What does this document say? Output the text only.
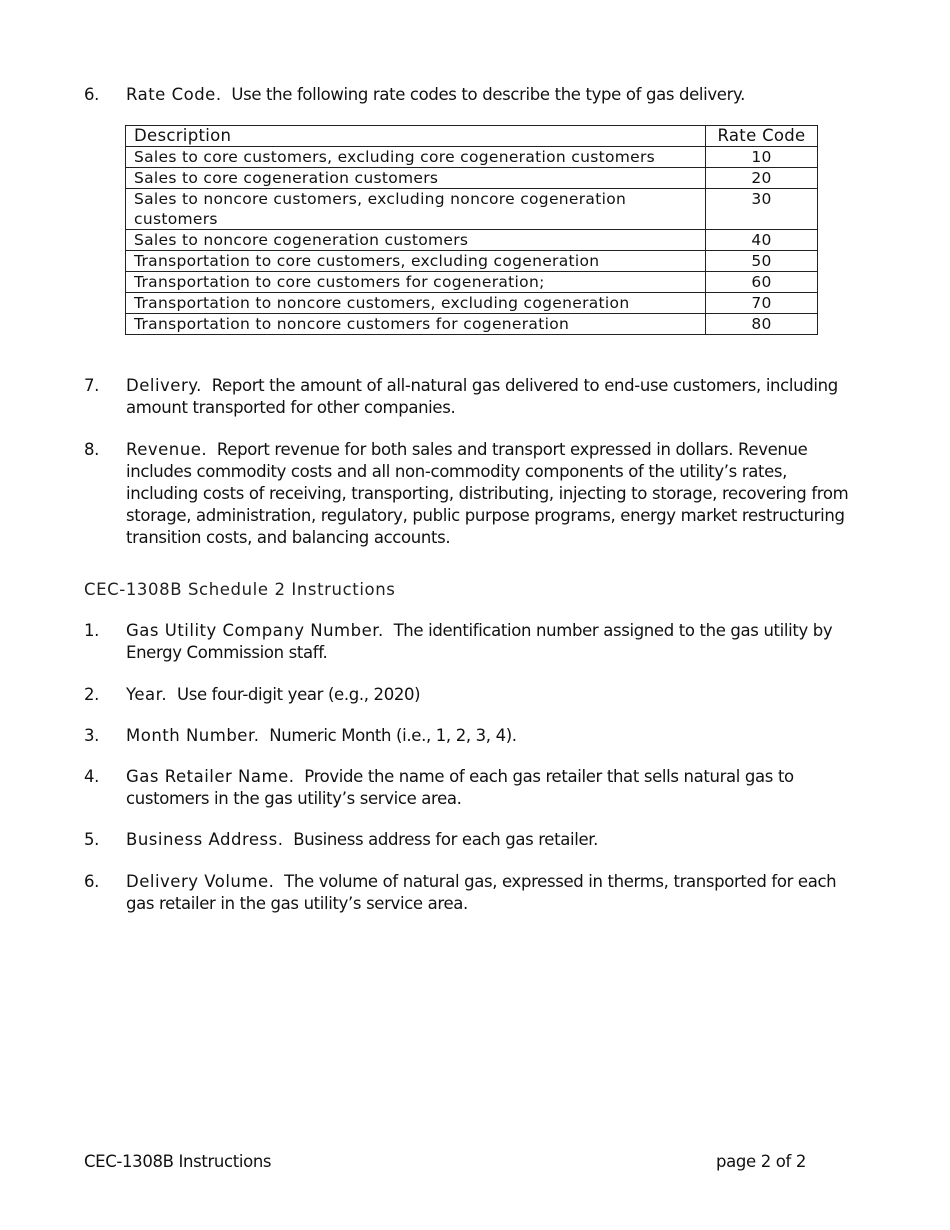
6. Rate Code. Use the following rate codes to describe the type of gas delivery.
Description	Rate Code
Sales to core customers, excluding core cogeneration customers	10
Sales to core cogeneration customers	20
Sales to noncore customers, excluding noncore cogeneration customers	30
Sales to noncore cogeneration customers	40
Transportation to core customers, excluding cogeneration	50
Transportation to core customers for cogeneration;	60
Transportation to noncore customers, excluding cogeneration	70
Transportation to noncore customers for cogeneration	80
7. Delivery. Report the amount of all-natural gas delivered to end-use customers, including amount transported for other companies.
8. Revenue. Report revenue for both sales and transport expressed in dollars. Revenue includes commodity costs and all non-commodity components of the utility’s rates, including costs of receiving, transporting, distributing, injecting to storage, recovering from storage, administration, regulatory, public purpose programs, energy market restructuring transition costs, and balancing accounts.
CEC-1308B Schedule 2 Instructions
1. Gas Utility Company Number. The identification number assigned to the gas utility by Energy Commission staff.
2. Year. Use four-digit year (e.g., 2020)
3. Month Number. Numeric Month (i.e., 1, 2, 3, 4).
4. Gas Retailer Name. Provide the name of each gas retailer that sells natural gas to customers in the gas utility’s service area.
5. Business Address. Business address for each gas retailer.
6. Delivery Volume. The volume of natural gas, expressed in therms, transported for each gas retailer in the gas utility’s service area.
CEC-1308B Instructions	page 2 of 2
